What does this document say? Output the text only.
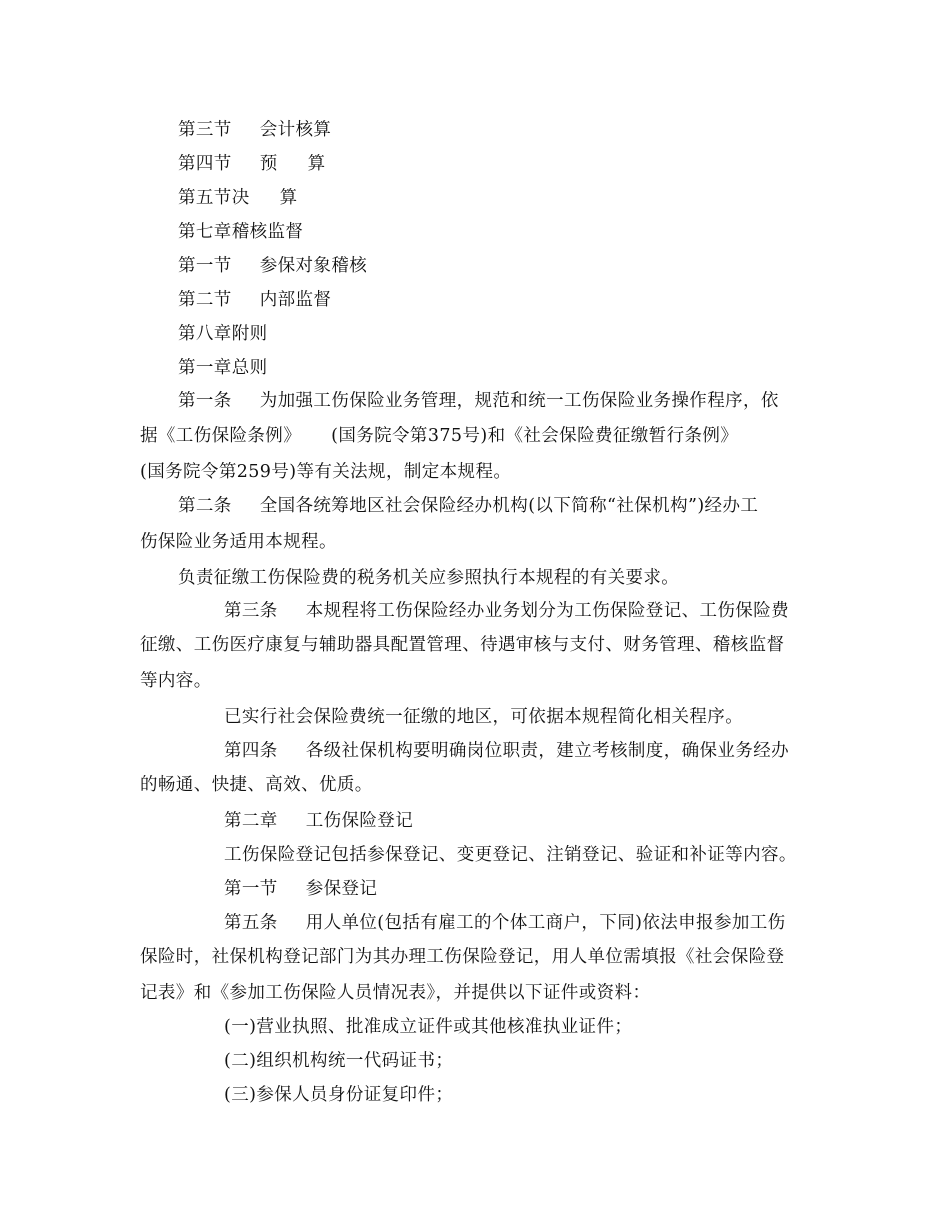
第三节 会计核算
第四节 预 算
第五节决 算
第七章稽核监督
第一节 参保对象稽核
第二节 内部监督
第八章附则
第一章总则
第一条 为加强工伤保险业务管理，规范和统一工伤保险业务操作程序，依
据《工伤保险条例》 (国务院令第375号)和《社会保险费征缴暂行条例》
(国务院令第259号)等有关法规，制定本规程。
第二条 全国各统筹地区社会保险经办机构(以下简称“社保机构”)经办工
伤保险业务适用本规程。
负责征缴工伤保险费的税务机关应参照执行本规程的有关要求。
第三条 本规程将工伤保险经办业务划分为工伤保险登记、工伤保险费
征缴、工伤医疗康复与辅助器具配置管理、待遇审核与支付、财务管理、稽核监督
等内容。
已实行社会保险费统一征缴的地区，可依据本规程简化相关程序。
第四条 各级社保机构要明确岗位职责，建立考核制度，确保业务经办
的畅通、快捷、高效、优质。
第二章 工伤保险登记
工伤保险登记包括参保登记、变更登记、注销登记、验证和补证等内容。
第一节 参保登记
第五条 用人单位(包括有雇工的个体工商户，下同)依法申报参加工伤
保险时，社保机构登记部门为其办理工伤保险登记，用人单位需填报《社会保险登
记表》和《参加工伤保险人员情况表》，并提供以下证件或资料：
(一)营业执照、批准成立证件或其他核准执业证件；
(二)组织机构统一代码证书；
(三)参保人员身份证复印件；
